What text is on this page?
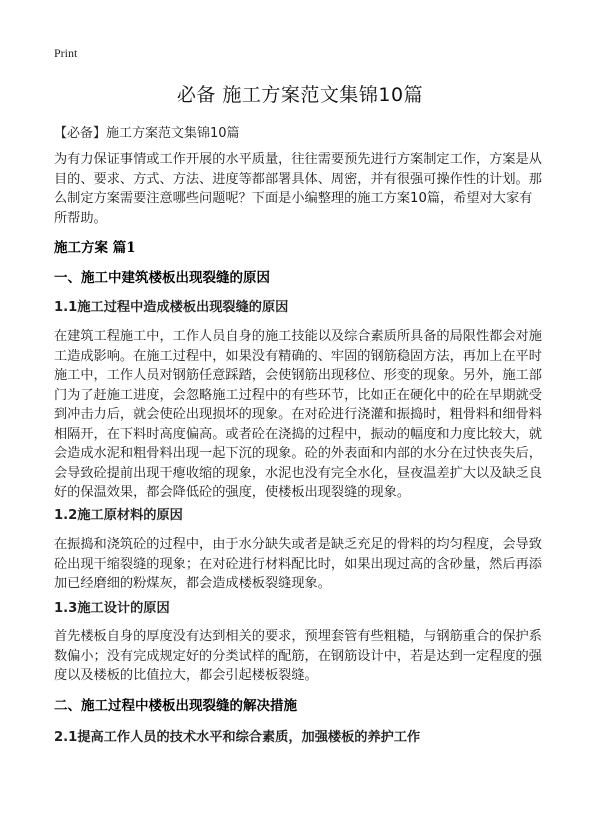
Print
必备 施工方案范文集锦10篇
【必备】施工方案范文集锦10篇

为有力保证事情或工作开展的水平质量，往往需要预先进行方案制定工作，方案是从目的、要求、方式、方法、进度等都部署具体、周密，并有很强可操作性的计划。那么制定方案需要注意哪些问题呢？下面是小编整理的施工方案10篇，希望对大家有所帮助。

施工方案 篇1
一、施工中建筑楼板出现裂缝的原因
1.1施工过程中造成楼板出现裂缝的原因

在建筑工程施工中，工作人员自身的施工技能以及综合素质所具备的局限性都会对施工造成影响。在施工过程中，如果没有精确的、牢固的钢筋稳固方法，再加上在平时施工中，工作人员对钢筋任意踩踏，会使钢筋出现移位、形变的现象。另外，施工部门为了赶施工进度，会忽略施工过程中的有些环节，比如正在硬化中的砼在早期就受到冲击力后，就会使砼出现损坏的现象。在对砼进行浇灌和振捣时，粗骨料和细骨料相隔开，在下料时高度偏高。或者砼在浇捣的过程中，振动的幅度和力度比较大，就会造成水泥和粗骨料出现一起下沉的现象。砼的外表面和内部的水分在过快丧失后，会导致砼提前出现干瘪收缩的现象，水泥也没有完全水化，昼夜温差扩大以及缺乏良好的保温效果，都会降低砼的强度，使楼板出现裂缝的现象。

1.2施工原材料的原因

在振捣和浇筑砼的过程中，由于水分缺失或者是缺乏充足的骨料的均匀程度，会导致砼出现干缩裂缝的现象；在对砼进行材料配比时，如果出现过高的含砂量，然后再添加已经磨细的粉煤灰，都会造成楼板裂缝现象。

1.3施工设计的原因

首先楼板自身的厚度没有达到相关的要求，预埋套管有些粗糙，与钢筋重合的保护系数偏小；没有完成规定好的分类试样的配筋，在钢筋设计中，若是达到一定程度的强度以及楼板的比值拉大，都会引起楼板裂缝。

二、施工过程中楼板出现裂缝的解决措施
2.1提高工作人员的技术水平和综合素质，加强楼板的养护工作
